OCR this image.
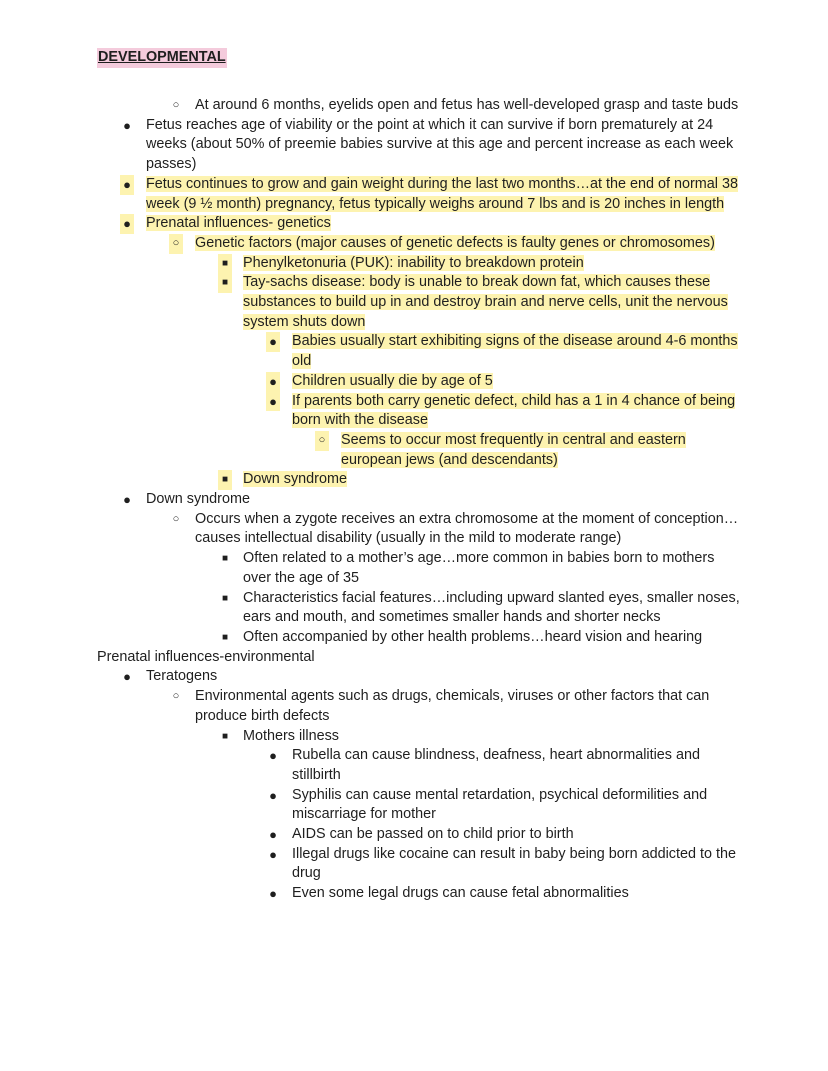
DEVELOPMENTAL
○ At around 6 months, eyelids open and fetus has well-developed grasp and taste buds
● Fetus reaches age of viability or the point at which it can survive if born prematurely at 24 weeks (about 50% of preemie babies survive at this age and percent increase as each week passes)
● Fetus continues to grow and gain weight during the last two months…at the end of normal 38 week (9 ½ month) pregnancy, fetus typically weighs around 7 lbs and is 20 inches in length
● Prenatal influences- genetics
○ Genetic factors (major causes of genetic defects is faulty genes or chromosomes)
■ Phenylketonuria (PUK): inability to breakdown protein
■ Tay-sachs disease: body is unable to break down fat, which causes these substances to build up in and destroy brain and nerve cells, unit the nervous system shuts down
● Babies usually start exhibiting signs of the disease around 4-6 months old
● Children usually die by age of 5
● If parents both carry genetic defect, child has a 1 in 4 chance of being born with the disease
○ Seems to occur most frequently in central and eastern european jews (and descendants)
■ Down syndrome
● Down syndrome
○ Occurs when a zygote receives an extra chromosome at the moment of conception…causes intellectual disability (usually in the mild to moderate range)
■ Often related to a mother’s age…more common in babies born to mothers over the age of 35
■ Characteristics facial features…including upward slanted eyes, smaller noses, ears and mouth, and sometimes smaller hands and shorter necks
■ Often accompanied by other health problems…heard vision and hearing
Prenatal influences-environmental
● Teratogens
○ Environmental agents such as drugs, chemicals, viruses or other factors that can produce birth defects
■ Mothers illness
● Rubella can cause blindness, deafness, heart abnormalities and stillbirth
● Syphilis can cause mental retardation, psychical deformilities and miscarriage for mother
● AIDS can be passed on to child prior to birth
● Illegal drugs like cocaine can result in baby being born addicted to the drug
● Even some legal drugs can cause fetal abnormalities
